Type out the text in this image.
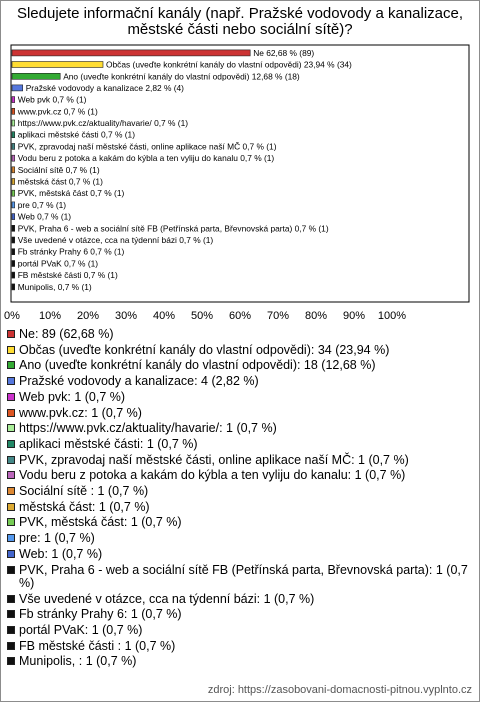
Sledujete informační kanály (např. Pražské vodovody a kanalizace, městské části nebo sociální sítě)?
Ne 62,68 % (89)
Občas (uveďte konkrétní kanály do vlastní odpovědi) 23,94 % (34)
Ano (uveďte konkrétní kanály do vlastní odpovědi) 12,68 % (18)
Pražské vodovody a kanalizace 2,82 % (4)
Web pvk 0,7 % (1)
www.pvk.cz 0,7 % (1)
https://www.pvk.cz/aktuality/havarie/ 0,7 % (1)
aplikaci městské části 0,7 % (1)
PVK, zpravodaj naší městské části, online aplikace naší MČ 0,7 % (1)
Vodu beru z potoka a kakám do kýbla a ten vyliju do kanalu 0,7 % (1)
Sociální sítě 0,7 % (1)
městská část 0,7 % (1)
PVK, městská část 0,7 % (1)
pre 0,7 % (1)
Web 0,7 % (1)
PVK, Praha 6 - web a sociální sítě FB (Petřínská parta, Břevnovská parta) 0,7 % (1)
Vše uvedené v otázce, cca na týdenní bázi 0,7 % (1)
Fb stránky Prahy 6 0,7 % (1)
portál PVaK 0,7 % (1)
FB městské části 0,7 % (1)
Munipolis, 0,7 % (1)
0% 10% 20% 30% 40% 50% 60% 70% 80% 90% 100%
Ne: 89 (62,68 %)
Občas (uveďte konkrétní kanály do vlastní odpovědi): 34 (23,94 %)
Ano (uveďte konkrétní kanály do vlastní odpovědi): 18 (12,68 %)
Pražské vodovody a kanalizace: 4 (2,82 %)
Web pvk: 1 (0,7 %)
www.pvk.cz: 1 (0,7 %)
https://www.pvk.cz/aktuality/havarie/: 1 (0,7 %)
aplikaci městské části: 1 (0,7 %)
PVK, zpravodaj naší městské části, online aplikace naší MČ: 1 (0,7 %)
Vodu beru z potoka a kakám do kýbla a ten vyliju do kanalu: 1 (0,7 %)
Sociální sítě : 1 (0,7 %)
městská část: 1 (0,7 %)
PVK, městská část: 1 (0,7 %)
pre: 1 (0,7 %)
Web: 1 (0,7 %)
PVK, Praha 6 - web a sociální sítě FB (Petřínská parta, Břevnovská parta): 1 (0,7 %)
Vše uvedené v otázce, cca na týdenní bázi: 1 (0,7 %)
Fb stránky Prahy 6: 1 (0,7 %)
portál PVaK: 1 (0,7 %)
FB městské části : 1 (0,7 %)
Munipolis, : 1 (0,7 %)

zdroj: https://zasobovani-domacnosti-pitnou.vyplnto.cz
